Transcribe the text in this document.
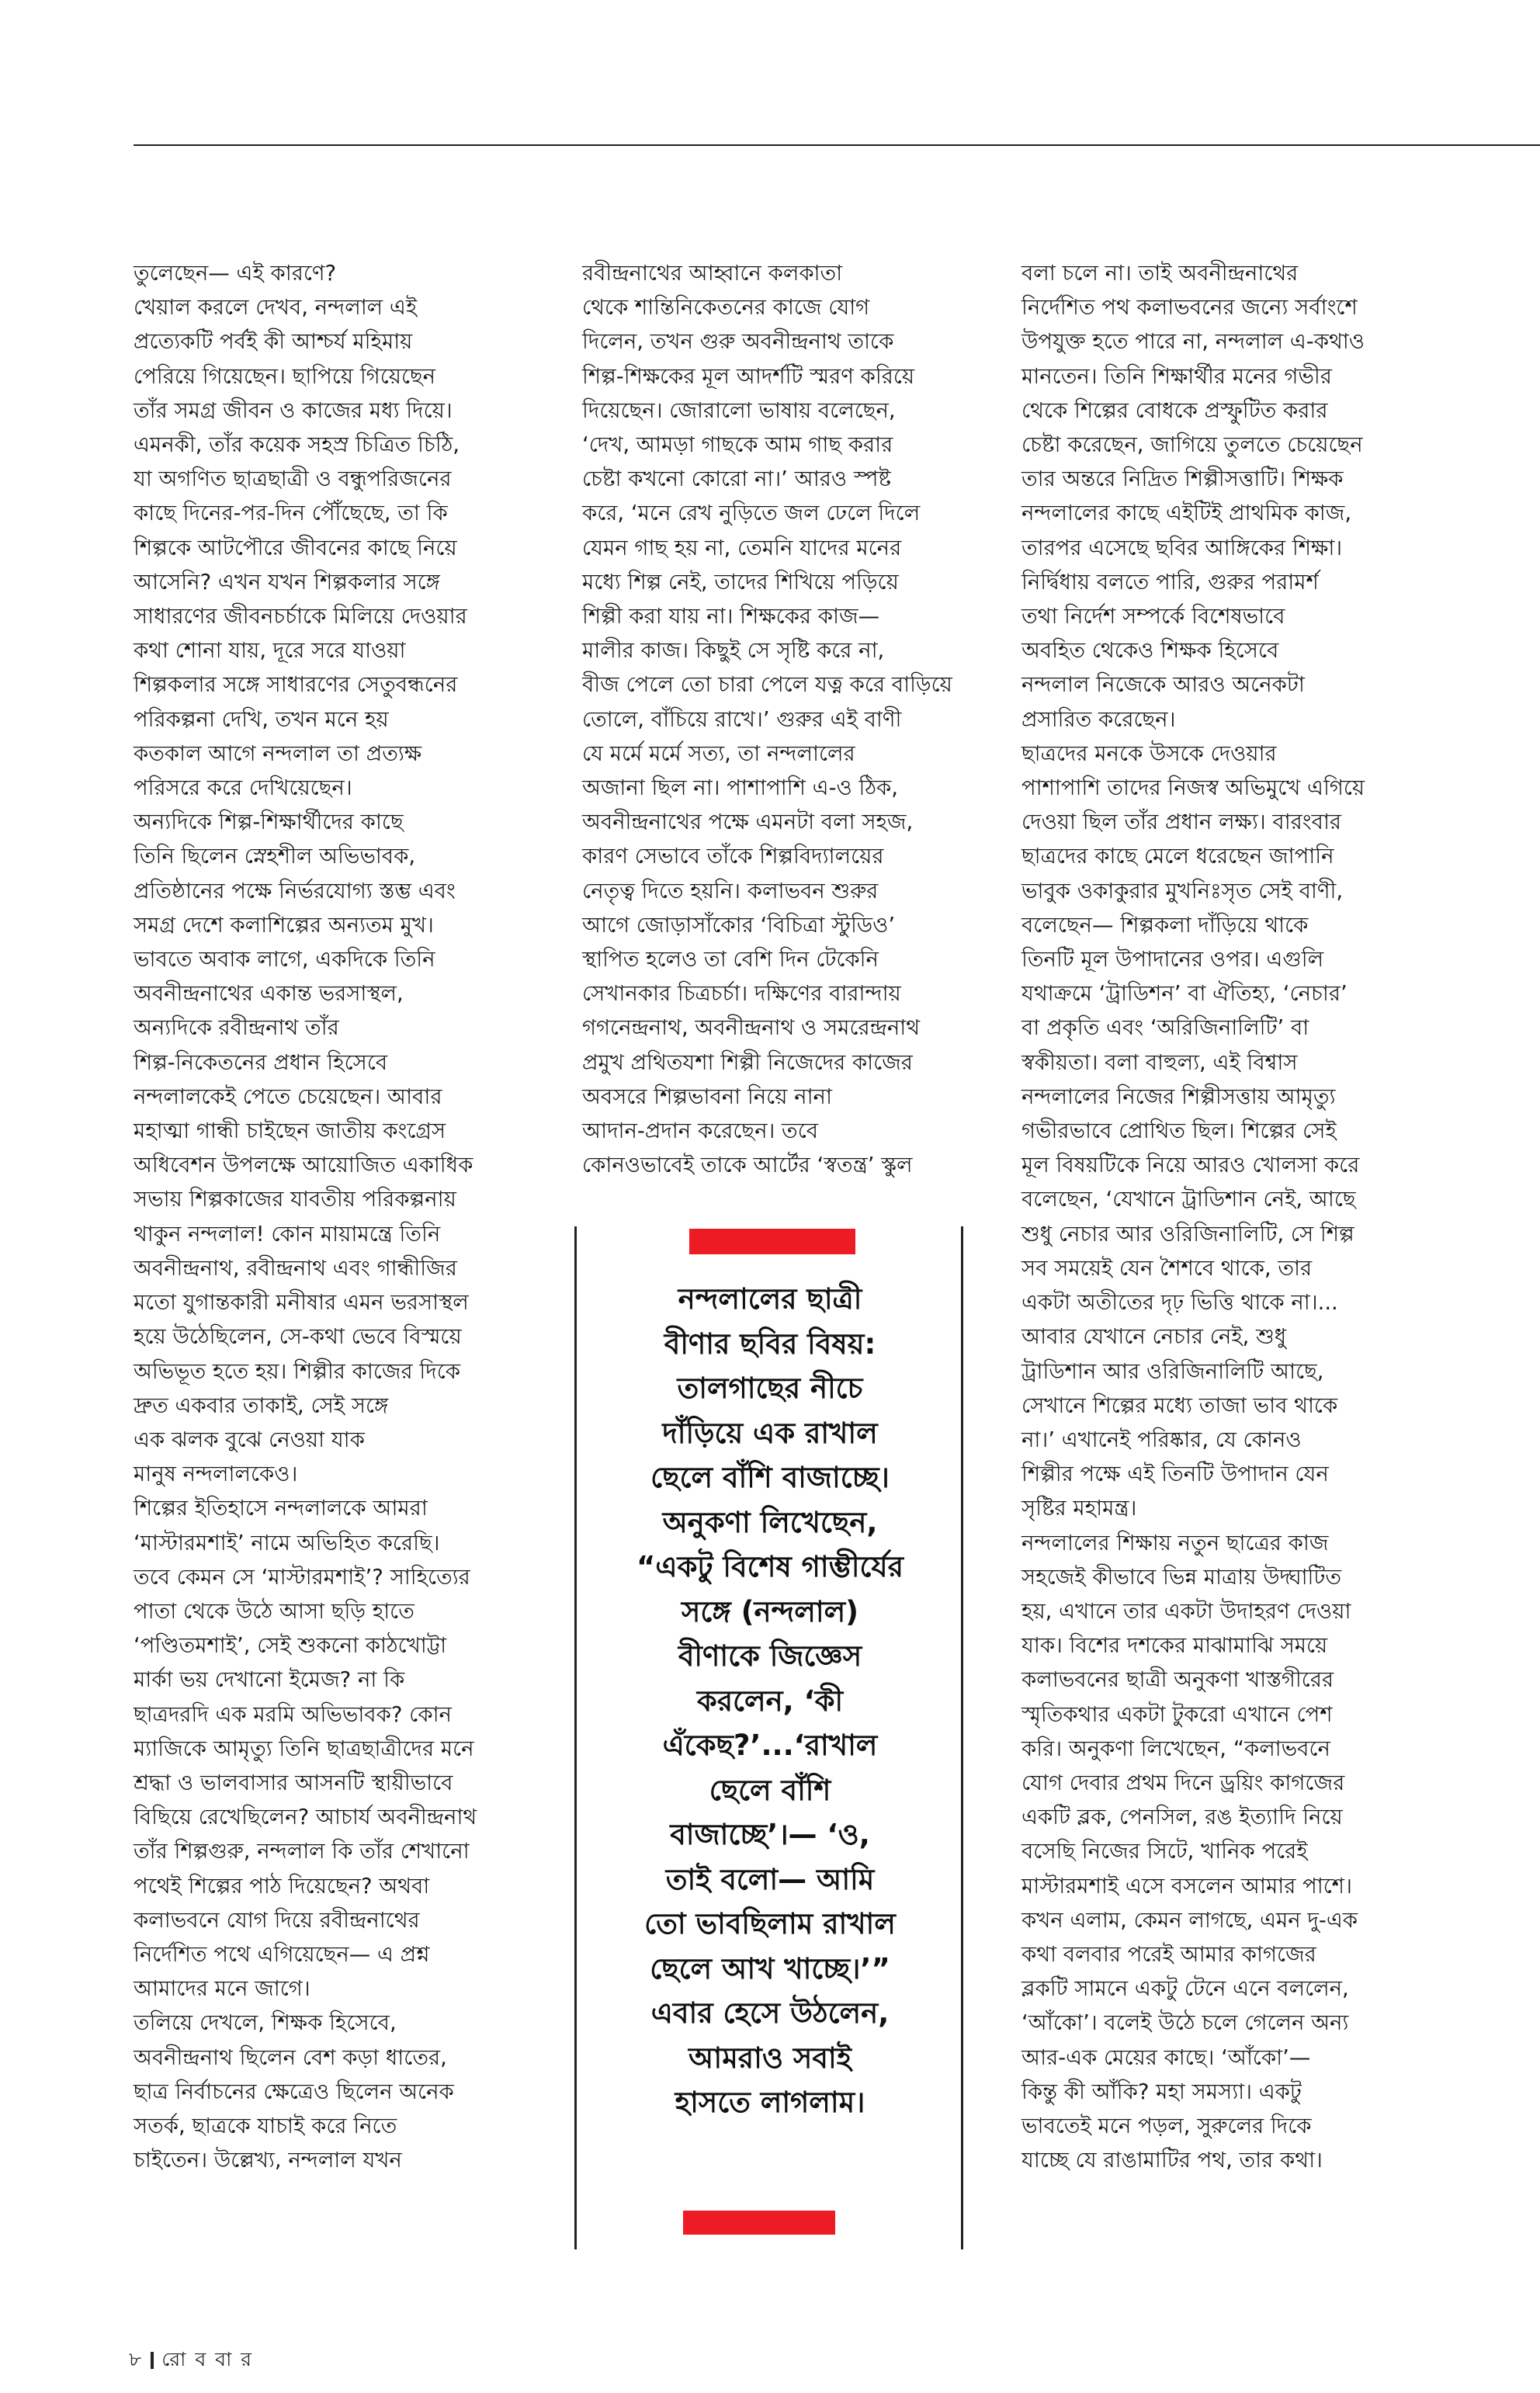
তুলেছেন— এই কারণে?
খেয়াল করলে দেখব, নন্দলাল এই
প্রত্যেকটি পর্বই কী আশ্চর্য মহিমায়
পেরিয়ে গিয়েছেন। ছাপিয়ে গিয়েছেন
তাঁর সমগ্র জীবন ও কাজের মধ্য দিয়ে।
এমনকী, তাঁর কয়েক সহস্র চিত্রিত চিঠি,
যা অগণিত ছাত্রছাত্রী ও বন্ধুপরিজনের
কাছে দিনের-পর-দিন পৌঁছেছে, তা কি
শিল্পকে আটপৌরে জীবনের কাছে নিয়ে
আসেনি? এখন যখন শিল্পকলার সঙ্গে
সাধারণের জীবনচর্চাকে মিলিয়ে দেওয়ার
কথা শোনা যায়, দূরে সরে যাওয়া
শিল্পকলার সঙ্গে সাধারণের সেতুবন্ধনের
পরিকল্পনা দেখি, তখন মনে হয়
কতকাল আগে নন্দলাল তা প্রত্যক্ষ
পরিসরে করে দেখিয়েছেন।
অন্যদিকে শিল্প-শিক্ষার্থীদের কাছে
তিনি ছিলেন স্নেহশীল অভিভাবক,
প্রতিষ্ঠানের পক্ষে নির্ভরযোগ্য স্তম্ভ এবং
সমগ্র দেশে কলাশিল্পের অন্যতম মুখ।
ভাবতে অবাক লাগে, একদিকে তিনি
অবনীন্দ্রনাথের একান্ত ভরসাস্থল,
অন্যদিকে রবীন্দ্রনাথ তাঁর
শিল্প-নিকেতনের প্রধান হিসেবে
নন্দলালকেই পেতে চেয়েছেন। আবার
মহাত্মা গান্ধী চাইছেন জাতীয় কংগ্রেস
অধিবেশন উপলক্ষে আয়োজিত একাধিক
সভায় শিল্পকাজের যাবতীয় পরিকল্পনায়
থাকুন নন্দলাল! কোন মায়ামন্ত্রে তিনি
অবনীন্দ্রনাথ, রবীন্দ্রনাথ এবং গান্ধীজির
মতো যুগান্তকারী মনীষার এমন ভরসাস্থল
হয়ে উঠেছিলেন, সে-কথা ভেবে বিস্ময়ে
অভিভূত হতে হয়। শিল্পীর কাজের দিকে
দ্রুত একবার তাকাই, সেই সঙ্গে
এক ঝলক বুঝে নেওয়া যাক
মানুষ নন্দলালকেও।
শিল্পের ইতিহাসে নন্দলালকে আমরা
‘মাস্টারমশাই’ নামে অভিহিত করেছি।
তবে কেমন সে ‘মাস্টারমশাই’? সাহিত্যের
পাতা থেকে উঠে আসা ছড়ি হাতে
‘পণ্ডিতমশাই’, সেই শুকনো কাঠখোট্টা
মার্কা ভয় দেখানো ইমেজ? না কি
ছাত্রদরদি এক মরমি অভিভাবক? কোন
ম্যাজিকে আমৃত্যু তিনি ছাত্রছাত্রীদের মনে
শ্রদ্ধা ও ভালবাসার আসনটি স্থায়ীভাবে
বিছিয়ে রেখেছিলেন? আচার্য অবনীন্দ্রনাথ
তাঁর শিল্পগুরু, নন্দলাল কি তাঁর শেখানো
পথেই শিল্পের পাঠ দিয়েছেন? অথবা
কলাভবনে যোগ দিয়ে রবীন্দ্রনাথের
নির্দেশিত পথে এগিয়েছেন— এ প্রশ্ন
আমাদের মনে জাগে।
তলিয়ে দেখলে, শিক্ষক হিসেবে,
অবনীন্দ্রনাথ ছিলেন বেশ কড়া ধাতের,
ছাত্র নির্বাচনের ক্ষেত্রেও ছিলেন অনেক
সতর্ক, ছাত্রকে যাচাই করে নিতে
চাইতেন। উল্লেখ্য, নন্দলাল যখন

রবীন্দ্রনাথের আহ্বানে কলকাতা
থেকে শান্তিনিকেতনের কাজে যোগ
দিলেন, তখন গুরু অবনীন্দ্রনাথ তাকে
শিল্প-শিক্ষকের মূল আদর্শটি স্মরণ করিয়ে
দিয়েছেন। জোরালো ভাষায় বলেছেন,
‘দেখ, আমড়া গাছকে আম গাছ করার
চেষ্টা কখনো কোরো না।’ আরও স্পষ্ট
করে, ‘মনে রেখ নুড়িতে জল ঢেলে দিলে
যেমন গাছ হয় না, তেমনি যাদের মনের
মধ্যে শিল্প নেই, তাদের শিখিয়ে পড়িয়ে
শিল্পী করা যায় না। শিক্ষকের কাজ—
মালীর কাজ। কিছুই সে সৃষ্টি করে না,
বীজ পেলে তো চারা পেলে যত্ন করে বাড়িয়ে
তোলে, বাঁচিয়ে রাখে।’ গুরুর এই বাণী
যে মর্মে মর্মে সত্য, তা নন্দলালের
অজানা ছিল না। পাশাপাশি এ-ও ঠিক,
অবনীন্দ্রনাথের পক্ষে এমনটা বলা সহজ,
কারণ সেভাবে তাঁকে শিল্পবিদ্যালয়ের
নেতৃত্ব দিতে হয়নি। কলাভবন শুরুর
আগে জোড়াসাঁকোর ‘বিচিত্রা স্টুডিও’
স্থাপিত হলেও তা বেশি দিন টেকেনি
সেখানকার চিত্রচর্চা। দক্ষিণের বারান্দায়
গগনেন্দ্রনাথ, অবনীন্দ্রনাথ ও সমরেন্দ্রনাথ
প্রমুখ প্রথিতযশা শিল্পী নিজেদের কাজের
অবসরে শিল্পভাবনা নিয়ে নানা
আদান-প্রদান করেছেন। তবে
কোনওভাবেই তাকে আর্টের ‘স্বতন্ত্র’ স্কুল

বলা চলে না। তাই অবনীন্দ্রনাথের
নির্দেশিত পথ কলাভবনের জন্যে সর্বাংশে
উপযুক্ত হতে পারে না, নন্দলাল এ-কথাও
মানতেন। তিনি শিক্ষার্থীর মনের গভীর
থেকে শিল্পের বোধকে প্রস্ফুটিত করার
চেষ্টা করেছেন, জাগিয়ে তুলতে চেয়েছেন
তার অন্তরে নিদ্রিত শিল্পীসত্তাটি। শিক্ষক
নন্দলালের কাছে এইটিই প্রাথমিক কাজ,
তারপর এসেছে ছবির আঙ্গিকের শিক্ষা।
নির্দ্বিধায় বলতে পারি, গুরুর পরামর্শ
তথা নির্দেশ সম্পর্কে বিশেষভাবে
অবহিত থেকেও শিক্ষক হিসেবে
নন্দলাল নিজেকে আরও অনেকটা
প্রসারিত করেছেন।
ছাত্রদের মনকে উসকে দেওয়ার
পাশাপাশি তাদের নিজস্ব অভিমুখে এগিয়ে
দেওয়া ছিল তাঁর প্রধান লক্ষ্য। বারংবার
ছাত্রদের কাছে মেলে ধরেছেন জাপানি
ভাবুক ওকাকুরার মুখনিঃসৃত সেই বাণী,
বলেছেন— শিল্পকলা দাঁড়িয়ে থাকে
তিনটি মূল উপাদানের ওপর। এগুলি
যথাক্রমে ‘ট্রাডিশন’ বা ঐতিহ্য, ‘নেচার’
বা প্রকৃতি এবং ‘অরিজিনালিটি’ বা
স্বকীয়তা। বলা বাহুল্য, এই বিশ্বাস
নন্দলালের নিজের শিল্পীসত্তায় আমৃত্যু
গভীরভাবে প্রোথিত ছিল। শিল্পের সেই
মূল বিষয়টিকে নিয়ে আরও খোলসা করে
বলেছেন, ‘যেখানে ট্রাডিশান নেই, আছে
শুধু নেচার আর ওরিজিনালিটি, সে শিল্প
সব সময়েই যেন শৈশবে থাকে, তার
একটা অতীতের দৃঢ় ভিত্তি থাকে না।...
আবার যেখানে নেচার নেই, শুধু
ট্রাডিশান আর ওরিজিনালিটি আছে,
সেখানে শিল্পের মধ্যে তাজা ভাব থাকে
না।’ এখানেই পরিষ্কার, যে কোনও
শিল্পীর পক্ষে এই তিনটি উপাদান যেন
সৃষ্টির মহামন্ত্র।
নন্দলালের শিক্ষায় নতুন ছাত্রের কাজ
সহজেই কীভাবে ভিন্ন মাত্রায় উদ্ঘাটিত
হয়, এখানে তার একটা উদাহরণ দেওয়া
যাক। বিশের দশকের মাঝামাঝি সময়ে
কলাভবনের ছাত্রী অনুকণা খাস্তগীরের
স্মৃতিকথার একটা টুকরো এখানে পেশ
করি। অনুকণা লিখেছেন, “কলাভবনে
যোগ দেবার প্রথম দিনে ড্রয়িং কাগজের
একটি ব্লক, পেনসিল, রঙ ইত্যাদি নিয়ে
বসেছি নিজের সিটে, খানিক পরেই
মাস্টারমশাই এসে বসলেন আমার পাশে।
কখন এলাম, কেমন লাগছে, এমন দু-এক
কথা বলবার পরেই আমার কাগজের
ব্লকটি সামনে একটু টেনে এনে বললেন,
‘আঁকো’। বলেই উঠে চলে গেলেন অন্য
আর-এক মেয়ের কাছে। ‘আঁকো’—
কিন্তু কী আঁকি? মহা সমস্যা। একটু
ভাবতেই মনে পড়ল, সুরুলের দিকে
যাচ্ছে যে রাঙামাটির পথ, তার কথা।

নন্দলালের ছাত্রী
বীণার ছবির বিষয়:
তালগাছের নীচে
দাঁড়িয়ে এক রাখাল
ছেলে বাঁশি বাজাচ্ছে।
অনুকণা লিখেছেন,
“একটু বিশেষ গাম্ভীর্যের
সঙ্গে (নন্দলাল)
বীণাকে জিজ্ঞেস
করলেন, ‘কী
এঁকেছ?’...‘রাখাল
ছেলে বাঁশি
বাজাচ্ছে’।— ‘ও,
তাই বলো— আমি
তো ভাবছিলাম রাখাল
ছেলে আখ খাচ্ছে।’”
এবার হেসে উঠলেন,
আমরাও সবাই
হাসতে লাগলাম।
৮ রো ব বা র
